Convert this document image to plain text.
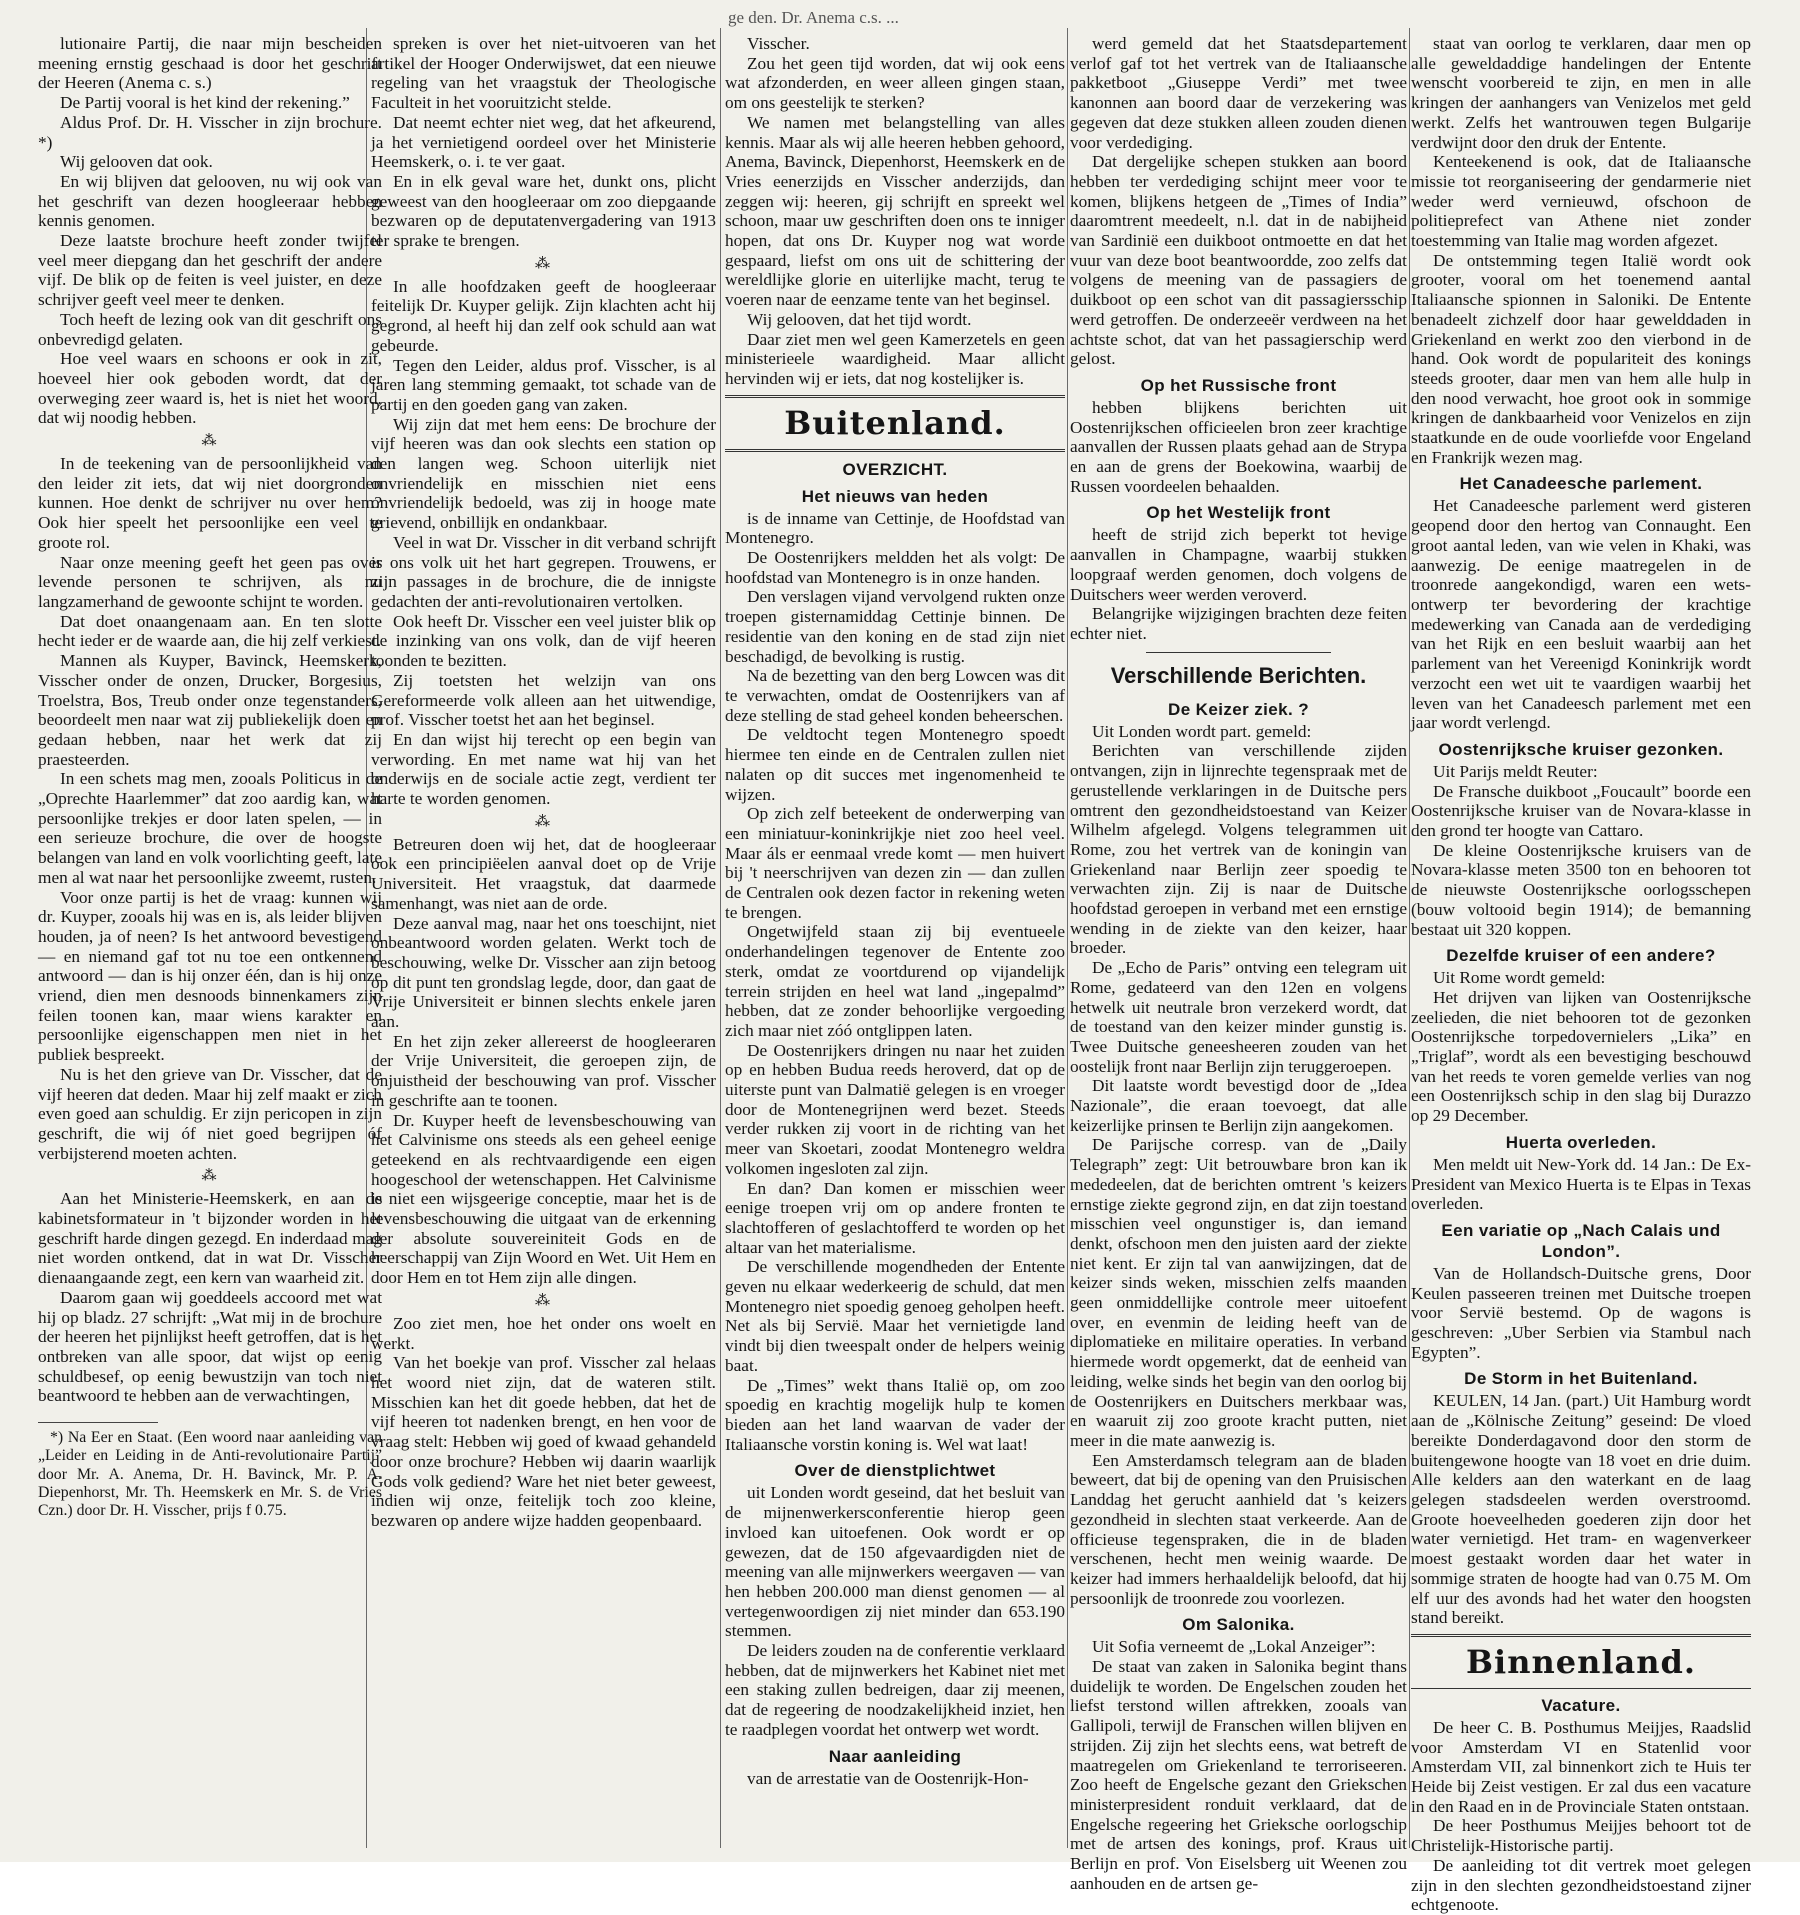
lutionaire Partij, die naar mijn bescheiden meening ernstig geschaad is door het geschrift der Heeren (Anema c. s.)

De Partij vooral is het kind der rekening.”

Aldus Prof. Dr. H. Visscher in zijn brochure. *)

Wij gelooven dat ook.

En wij blijven dat gelooven, nu wij ook van het geschrift van dezen hoogleeraar hebben kennis genomen.

Deze laatste brochure heeft zonder twijfel veel meer diepgang dan het geschrift der andere vijf. De blik op de feiten is veel juister, en deze schrijver geeft veel meer te denken.

Toch heeft de lezing ook van dit geschrift ons onbevredigd gelaten.

Hoe veel waars en schoons er ook in zit, hoeveel hier ook geboden wordt, dat der overweging zeer waard is, het is niet het woord, dat wij noodig hebben.

⁂

In de teekening van de persoonlijkheid van den leider zit iets, dat wij niet doorgronden kunnen. Hoe denkt de schrijver nu over hem? Ook hier speelt het persoonlijke een veel te groote rol.

Naar onze meening geeft het geen pas over levende personen te schrijven, als nu langzamerhand de gewoonte schijnt te worden.

Dat doet onaangenaam aan. En ten slotte hecht ieder er de waarde aan, die hij zelf verkiest.

Mannen als Kuyper, Bavinck, Heemskerk, Visscher onder de onzen, Drucker, Borgesius, Troelstra, Bos, Treub onder onze tegenstanders, beoordeelt men naar wat zij publiekelijk doen en gedaan hebben, naar het werk dat zij praesteerden.

In een schets mag men, zooals Politicus in de „Oprechte Haarlemmer” dat zoo aardig kan, wat persoonlijke trekjes er door laten spelen, — in een serieuze brochure, die over de hoogste belangen van land en volk voorlichting geeft, late men al wat naar het persoonlijke zweemt, rusten.

Voor onze partij is het de vraag: kunnen wij dr. Kuyper, zooals hij was en is, als leider blijven houden, ja of neen? Is het antwoord bevestigend — en niemand gaf tot nu toe een ontkennend antwoord — dan is hij onzer één, dan is hij onze vriend, dien men desnoods binnenkamers zijn feilen toonen kan, maar wiens karakter en persoonlijke eigenschappen men niet in het publiek bespreekt.

Nu is het den grieve van Dr. Visscher, dat de vijf heeren dat deden. Maar hij zelf maakt er zich even goed aan schuldig. Er zijn pericopen in zijn geschrift, die wij óf niet goed begrijpen óf verbijsterend moeten achten.

⁂

Aan het Ministerie-Heemskerk, en aan de kabinetsformateur in 't bijzonder worden in het geschrift harde dingen gezegd. En inderdaad mag niet worden ontkend, dat in wat Dr. Visscher dienaangaande zegt, een kern van waarheid zit.

Daarom gaan wij goeddeels accoord met wat hij op bladz. 27 schrijft: „Wat mij in de brochure der heeren het pijnlijkst heeft getroffen, dat is het ontbreken van alle spoor, dat wijst op eenig schuldbesef, op eenig bewustzijn van toch niet beantwoord te hebben aan de verwachtingen,

*) Na Eer en Staat. (Een woord naar aanleiding van „Leider en Leiding in de Anti-revolutionaire Partij” door Mr. A. Anema, Dr. H. Bavinck, Mr. P. A. Diepenhorst, Mr. Th. Heemskerk en Mr. S. de Vries Czn.) door Dr. H. Visscher, prijs f 0.75.

spreken is over het niet-uitvoeren van het artikel der Hooger Onderwijswet, dat een nieuwe regeling van het vraagstuk der Theologische Faculteit in het vooruitzicht stelde.

Dat neemt echter niet weg, dat het afkeurend, ja het vernietigend oordeel over het Ministerie Heemskerk, o. i. te ver gaat.

En in elk geval ware het, dunkt ons, plicht geweest van den hoogleeraar om zoo diepgaande bezwaren op de deputatenvergadering van 1913 ter sprake te brengen.

⁂

In alle hoofdzaken geeft de hoogleeraar feitelijk Dr. Kuyper gelijk. Zijn klachten acht hij gegrond, al heeft hij dan zelf ook schuld aan wat gebeurde.

Tegen den Leider, aldus prof. Visscher, is al jaren lang stemming gemaakt, tot schade van de partij en den goeden gang van zaken.

Wij zijn dat met hem eens: De brochure der vijf heeren was dan ook slechts een station op den langen weg. Schoon uiterlijk niet onvriendelijk en misschien niet eens onvriendelijk bedoeld, was zij in hooge mate grievend, onbillijk en ondankbaar.

Veel in wat Dr. Visscher in dit verband schrijft is ons volk uit het hart gegrepen. Trouwens, er zijn passages in de brochure, die de innigste gedachten der anti-revolutionairen vertolken.

Ook heeft Dr. Visscher een veel juister blik op de inzinking van ons volk, dan de vijf heeren toonden te bezitten.

Zij toetsten het welzijn van ons Gereformeerde volk alleen aan het uitwendige, prof. Visscher toetst het aan het beginsel.

En dan wijst hij terecht op een begin van verwording. En met name wat hij van het onderwijs en de sociale actie zegt, verdient ter harte te worden genomen.

⁂

Betreuren doen wij het, dat de hoogleeraar ook een principiëelen aanval doet op de Vrije Universiteit. Het vraagstuk, dat daarmede samenhangt, was niet aan de orde.

Deze aanval mag, naar het ons toeschijnt, niet onbeantwoord worden gelaten. Werkt toch de beschouwing, welke Dr. Visscher aan zijn betoog op dit punt ten grondslag legde, door, dan gaat de Vrije Universiteit er binnen slechts enkele jaren aan.

En het zijn zeker allereerst de hoogleeraren der Vrije Universiteit, die geroepen zijn, de onjuistheid der beschouwing van prof. Visscher in geschrifte aan te toonen.

Dr. Kuyper heeft de levensbeschouwing van het Calvinisme ons steeds als een geheel eenige geteekend en als rechtvaardigende een eigen hoogeschool der wetenschappen. Het Calvinisme is niet een wijsgeerige conceptie, maar het is de levensbeschouwing die uitgaat van de erkenning der absolute souvereiniteit Gods en de heerschappij van Zijn Woord en Wet. Uit Hem en door Hem en tot Hem zijn alle dingen.

⁂

Zoo ziet men, hoe het onder ons woelt en werkt.

Van het boekje van prof. Visscher zal helaas het woord niet zijn, dat de wateren stilt. Misschien kan het dit goede hebben, dat het de vijf heeren tot nadenken brengt, en hen voor de vraag stelt: Hebben wij goed of kwaad gehandeld door onze brochure? Hebben wij daarin waarlijk Gods volk gediend? Ware het niet beter geweest, indien wij onze, feitelijk toch zoo kleine, bezwaren op andere wijze hadden geopenbaard.

Visscher.

Zou het geen tijd worden, dat wij ook eens wat afzonderden, en weer alleen gingen staan, om ons geestelijk te sterken?

We namen met belangstelling van alles kennis. Maar als wij alle heeren hebben gehoord, Anema, Bavinck, Diepenhorst, Heemskerk en de Vries eenerzijds en Visscher anderzijds, dan zeggen wij: heeren, gij schrijft en spreekt wel schoon, maar uw geschriften doen ons te inniger hopen, dat ons Dr. Kuyper nog wat worde gespaard, liefst om ons uit de schittering der wereldlijke glorie en uiterlijke macht, terug te voeren naar de eenzame tente van het beginsel.

Wij gelooven, dat het tijd wordt.

Daar ziet men wel geen Kamerzetels en geen ministerieele waardigheid. Maar allicht hervinden wij er iets, dat nog kostelijker is.

Buitenland.
OVERZICHT.
Het nieuws van heden

is de inname van Cettinje, de Hoofdstad van Montenegro.

De Oostenrijkers meldden het als volgt: De hoofdstad van Montenegro is in onze handen.

Den verslagen vijand vervolgend rukten onze troepen gisternamiddag Cettinje binnen. De residentie van den koning en de stad zijn niet beschadigd, de bevolking is rustig.

Na de bezetting van den berg Lowcen was dit te verwachten, omdat de Oostenrijkers van af deze stelling de stad geheel konden beheerschen.

De veldtocht tegen Montenegro spoedt hiermee ten einde en de Centralen zullen niet nalaten op dit succes met ingenomenheid te wijzen.

Op zich zelf beteekent de onderwerping van een miniatuur-koninkrijkje niet zoo heel veel. Maar áls er eenmaal vrede komt — men huivert bij 't neerschrijven van dezen zin — dan zullen de Centralen ook dezen factor in rekening weten te brengen.

Ongetwijfeld staan zij bij eventueele onderhandelingen tegenover de Entente zoo sterk, omdat ze voortdurend op vijandelijk terrein strijden en heel wat land „ingepalmd” hebben, dat ze zonder behoorlijke vergoeding zich maar niet zóó ontglippen laten.

De Oostenrijkers dringen nu naar het zuiden op en hebben Budua reeds heroverd, dat op de uiterste punt van Dalmatië gelegen is en vroeger door de Montenegrijnen werd bezet. Steeds verder rukken zij voort in de richting van het meer van Skoetari, zoodat Montenegro weldra volkomen ingesloten zal zijn.

En dan? Dan komen er misschien weer eenige troepen vrij om op andere fronten te slachtofferen of geslachtofferd te worden op het altaar van het materialisme.

De verschillende mogendheden der Entente geven nu elkaar wederkeerig de schuld, dat men Montenegro niet spoedig genoeg geholpen heeft. Net als bij Servië. Maar het vernietigde land vindt bij dien tweespalt onder de helpers weinig baat.

De „Times” wekt thans Italië op, om zoo spoedig en krachtig mogelijk hulp te komen bieden aan het land waarvan de vader der Italiaansche vorstin koning is. Wel wat laat!

Over de dienstplichtwet

uit Londen wordt geseind, dat het besluit van de mijnenwerkersconferentie hierop geen invloed kan uitoefenen. Ook wordt er op gewezen, dat de 150 afgevaardigden niet de meening van alle mijnwerkers weergaven — van hen hebben 200.000 man dienst genomen — al vertegenwoordigen zij niet minder dan 653.190 stemmen.

De leiders zouden na de conferentie verklaard hebben, dat de mijnwerkers het Kabinet niet met een staking zullen bedreigen, daar zij meenen, dat de regeering de noodzakelijkheid inziet, hen te raadplegen voordat het ontwerp wet wordt.

Naar aanleiding

van de arrestatie van de Oostenrijk-Hon-

werd gemeld dat het Staatsdepartement verlof gaf tot het vertrek van de Italiaansche pakketboot „Giuseppe Verdi” met twee kanonnen aan boord daar de verzekering was gegeven dat deze stukken alleen zouden dienen voor verdediging.

Dat dergelijke schepen stukken aan boord hebben ter verdediging schijnt meer voor te komen, blijkens hetgeen de „Times of India” daaromtrent meedeelt, n.l. dat in de nabijheid van Sardinië een duikboot ontmoette en dat het vuur van deze boot beantwoordde, zoo zelfs dat volgens de meening van de passagiers de duikboot op een schot van dit passagiersschip werd getroffen. De onderzeeër verdween na het achtste schot, dat van het passagierschip werd gelost.

Op het Russische front

hebben blijkens berichten uit Oostenrijkschen officieelen bron zeer krachtige aanvallen der Russen plaats gehad aan de Strypa en aan de grens der Boekowina, waarbij de Russen voordeelen behaalden.

Op het Westelijk front

heeft de strijd zich beperkt tot hevige aanvallen in Champagne, waarbij stukken loopgraaf werden genomen, doch volgens de Duitschers weer werden veroverd.

Belangrijke wijzigingen brachten deze feiten echter niet.

Verschillende Berichten.
De Keizer ziek. ?

Uit Londen wordt part. gemeld:

Berichten van verschillende zijden ontvangen, zijn in lijnrechte tegenspraak met de gerustellende verklaringen in de Duitsche pers omtrent den gezondheidstoestand van Keizer Wilhelm afgelegd. Volgens telegrammen uit Rome, zou het vertrek van de koningin van Griekenland naar Berlijn zeer spoedig te verwachten zijn. Zij is naar de Duitsche hoofdstad geroepen in verband met een ernstige wending in de ziekte van den keizer, haar broeder.

De „Echo de Paris” ontving een telegram uit Rome, gedateerd van den 12en en volgens hetwelk uit neutrale bron verzekerd wordt, dat de toestand van den keizer minder gunstig is. Twee Duitsche geneesheeren zouden van het oostelijk front naar Berlijn zijn teruggeroepen.

Dit laatste wordt bevestigd door de „Idea Nazionale”, die eraan toevoegt, dat alle keizerlijke prinsen te Berlijn zijn aangekomen.

De Parijsche corresp. van de „Daily Telegraph” zegt: Uit betrouwbare bron kan ik mededeelen, dat de berichten omtrent 's keizers ernstige ziekte gegrond zijn, en dat zijn toestand misschien veel ongunstiger is, dan iemand denkt, ofschoon men den juisten aard der ziekte niet kent. Er zijn tal van aanwijzingen, dat de keizer sinds weken, misschien zelfs maanden geen onmiddellijke controle meer uitoefent over, en evenmin de leiding heeft van de diplomatieke en militaire operaties. In verband hiermede wordt opgemerkt, dat de eenheid van leiding, welke sinds het begin van den oorlog bij de Oostenrijkers en Duitschers merkbaar was, en waaruit zij zoo groote kracht putten, niet meer in die mate aanwezig is.

Een Amsterdamsch telegram aan de bladen beweert, dat bij de opening van den Pruisischen Landdag het gerucht aanhield dat 's keizers gezondheid in slechten staat verkeerde. Aan de officieuse tegenspraken, die in de bladen verschenen, hecht men weinig waarde. De keizer had immers herhaaldelijk beloofd, dat hij persoonlijk de troonrede zou voorlezen.

Om Salonika.

Uit Sofia verneemt de „Lokal Anzeiger”:

De staat van zaken in Salonika begint thans duidelijk te worden. De Engelschen zouden het liefst terstond willen aftrekken, zooals van Gallipoli, terwijl de Franschen willen blijven en strijden. Zij zijn het slechts eens, wat betreft de maatregelen om Griekenland te terroriseeren. Zoo heeft de Engelsche gezant den Griekschen ministerpresident ronduit verklaard, dat de Engelsche regeering het Grieksche oorlogschip met de artsen des konings, prof. Kraus uit Berlijn en prof. Von Eiselsberg uit Weenen zou aanhouden en de artsen ge-

staat van oorlog te verklaren, daar men op alle geweldaddige handelingen der Entente wenscht voorbereid te zijn, en men in alle kringen der aanhangers van Venizelos met geld werkt. Zelfs het wantrouwen tegen Bulgarije verdwijnt door den druk der Entente.

Kenteekenend is ook, dat de Italiaansche missie tot reorganiseering der gendarmerie niet weder werd vernieuwd, ofschoon de politieprefect van Athene niet zonder toestemming van Italie mag worden afgezet.

De ontstemming tegen Italië wordt ook grooter, vooral om het toenemend aantal Italiaansche spionnen in Saloniki. De Entente benadeelt zichzelf door haar gewelddaden in Griekenland en werkt zoo den vierbond in de hand. Ook wordt de populariteit des konings steeds grooter, daar men van hem alle hulp in den nood verwacht, hoe groot ook in sommige kringen de dankbaarheid voor Venizelos en zijn staatkunde en de oude voorliefde voor Engeland en Frankrijk wezen mag.

Het Canadeesche parlement.

Het Canadeesche parlement werd gisteren geopend door den hertog van Connaught. Een groot aantal leden, van wie velen in Khaki, was aanwezig. De eenige maatregelen in de troonrede aangekondigd, waren een wets-ontwerp ter bevordering der krachtige medewerking van Canada aan de verdediging van het Rijk en een besluit waarbij aan het parlement van het Vereenigd Koninkrijk wordt verzocht een wet uit te vaardigen waarbij het leven van het Canadeesch parlement met een jaar wordt verlengd.

Oostenrijksche kruiser gezonken.

Uit Parijs meldt Reuter:

De Fransche duikboot „Foucault” boorde een Oostenrijksche kruiser van de Novara-klasse in den grond ter hoogte van Cattaro.

De kleine Oostenrijksche kruisers van de Novara-klasse meten 3500 ton en behooren tot de nieuwste Oostenrijksche oorlogsschepen (bouw voltooid begin 1914); de bemanning bestaat uit 320 koppen.

Dezelfde kruiser of een andere?

Uit Rome wordt gemeld:

Het drijven van lijken van Oostenrijksche zeelieden, die niet behooren tot de gezonken Oostenrijksche torpedovernielers „Lika” en „Triglaf”, wordt als een bevestiging beschouwd van het reeds te voren gemelde verlies van nog een Oostenrijksch schip in den slag bij Durazzo op 29 December.

Huerta overleden.

Men meldt uit New-York dd. 14 Jan.: De Ex-President van Mexico Huerta is te Elpas in Texas overleden.

Een variatie op „Nach Calais und London”.

Van de Hollandsch-Duitsche grens, Door Keulen passeeren treinen met Duitsche troepen voor Servië bestemd. Op de wagons is geschreven: „Uber Serbien via Stambul nach Egypten”.

De Storm in het Buitenland.

KEULEN, 14 Jan. (part.) Uit Hamburg wordt aan de „Kölnische Zeitung” geseind: De vloed bereikte Donderdagavond door den storm de buitengewone hoogte van 18 voet en drie duim. Alle kelders aan den waterkant en de laag gelegen stadsdeelen werden overstroomd. Groote hoeveelheden goederen zijn door het water vernietigd. Het tram- en wagenverkeer moest gestaakt worden daar het water in sommige straten de hoogte had van 0.75 M. Om elf uur des avonds had het water den hoogsten stand bereikt.

Binnenland.
Vacature.

De heer C. B. Posthumus Meijjes, Raadslid voor Amsterdam VI en Statenlid voor Amsterdam VII, zal binnenkort zich te Huis ter Heide bij Zeist vestigen. Er zal dus een vacature in den Raad en in de Provinciale Staten ontstaan.

De heer Posthumus Meijjes behoort tot de Christelijk-Historische partij.

De aanleiding tot dit vertrek moet gelegen zijn in den slechten gezondheidstoestand zijner echtgenoote.

ge den. Dr. Anema c.s. ...
